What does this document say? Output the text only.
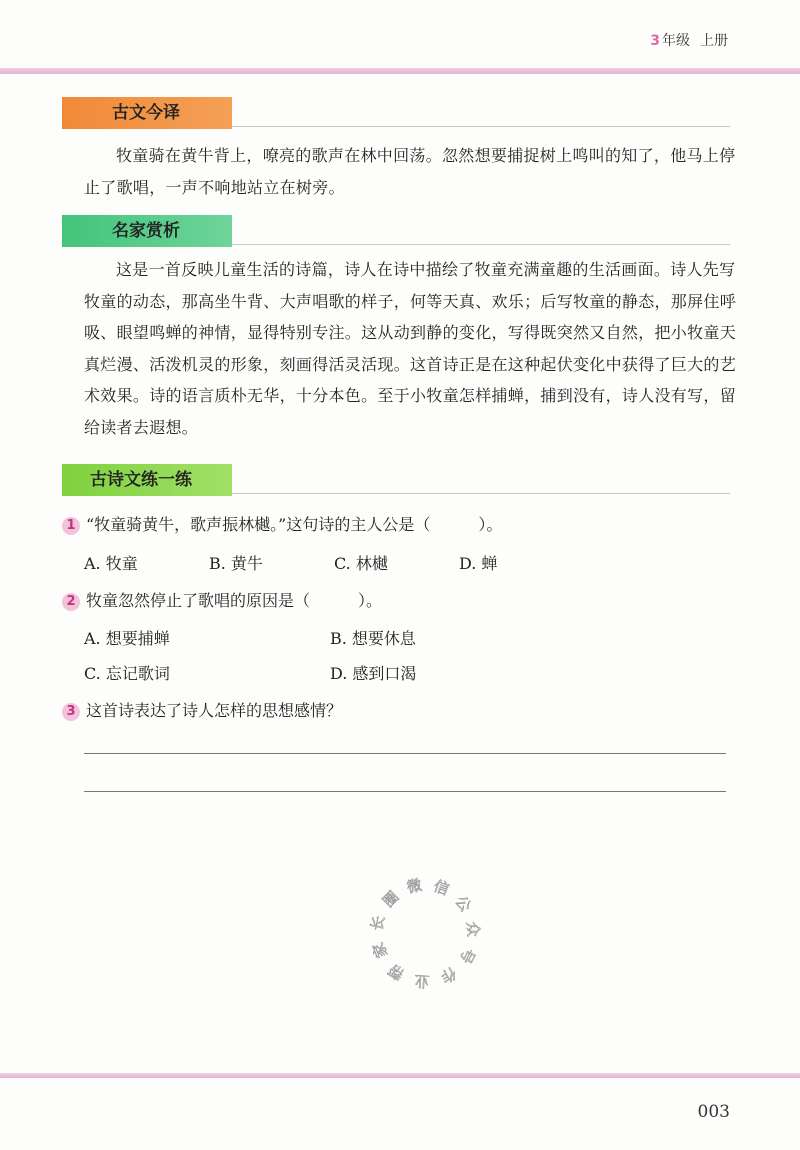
3 年级 上册
古文今译
牧童骑在黄牛背上，嘹亮的歌声在林中回荡。忽然想要捕捉树上鸣叫的知了，他马上停止了歌唱，一声不响地站立在树旁。
名家赏析
这是一首反映儿童生活的诗篇，诗人在诗中描绘了牧童充满童趣的生活画面。诗人先写牧童的动态，那高坐牛背、大声唱歌的样子，何等天真、欢乐；后写牧童的静态，那屏住呼吸、眼望鸣蝉的神情，显得特别专注。这从动到静的变化，写得既突然又自然，把小牧童天真烂漫、活泼机灵的形象，刻画得活灵活现。这首诗正是在这种起伏变化中获得了巨大的艺术效果。诗的语言质朴无华，十分本色。至于小牧童怎样捕蝉，捕到没有，诗人没有写，留给读者去遐想。
古诗文练一练
1 “牧童骑黄牛，歌声振林樾。”这句诗的主人公是（　　　）。
A. 牧童	B. 黄牛	C. 林樾	D. 蝉
2 牧童忽然停止了歌唱的原因是（　　　）。
A. 想要捕蝉	B. 想要休息
C. 忘记歌词	D. 感到口渴
3 这首诗表达了诗人怎样的思想感情？
信
公
众
号
作
业
帮
家
长
圈
微
003
